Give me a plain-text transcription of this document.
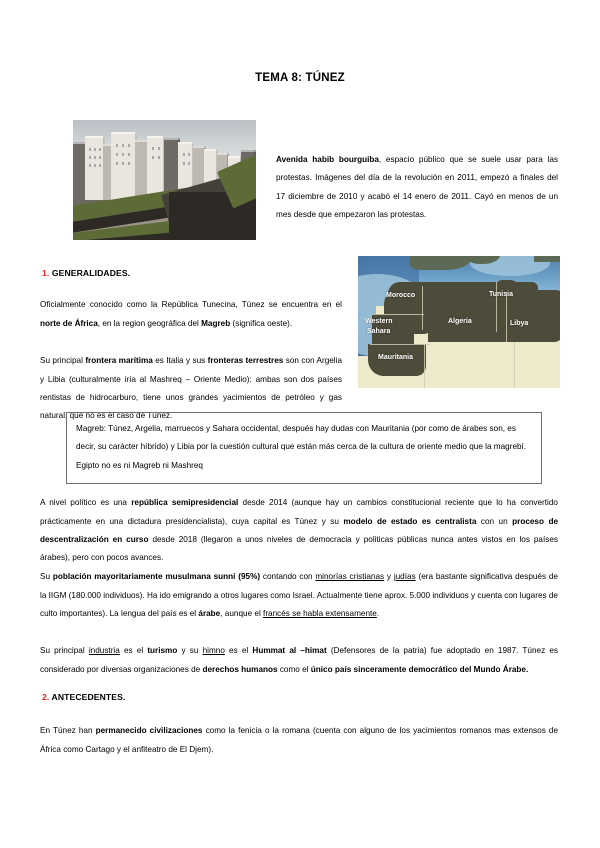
TEMA 8: TÚNEZ

Avenida habib bourguiba, espacio público que se suele usar para las protestas. Imágenes del día de la revolución en 2011, empezó a finales del 17 diciembre de 2010 y acabó el 14 enero de 2011. Cayó en menos de un mes desde que empezaron las protestas.

1. GENERALIDADES.
Morocco
Western
Sahara
Mauritania
Algeria
Tunisia
Libya

Oficialmente conocido como la República Tunecina, Túnez se encuentra en el norte de África, en la region geográfica del Magreb (significa oeste).

Su principal frontera marítima es Italia y sus fronteras terrestres son con Argelia y Libia (culturalmente iría al Mashreq – Oriente Medio): ambas son dos países rentistas de hidrocarburo, tiene unos grandes yacimientos de petróleo y gas natural, que no es el caso de Túnez.

Magreb: Túnez, Argelia, marruecos y Sahara occidental, después hay dudas con Mauritania (por como de árabes son, es decir, su carácter híbrido) y Libia por la cuestión cultural que están más cerca de la cultura de oriente medio que la magrebí. Egipto no es ni Magreb ni Mashreq

A nivel político es una república semipresidencial desde 2014 (aunque hay un cambios constitucional reciente que lo ha convertido prácticamente en una dictadura presidencialista), cuya capital es Túnez y su modelo de estado es centralista con un proceso de descentralización en curso desde 2018 (llegaron a unos niveles de democracia y politicas públicas nunca antes vistos en los países árabes), pero con pocos avances.

Su población mayoritariamente musulmana sunni (95%) contando con minorías cristianas y judías (era bastante significativa después de la IIGM (180.000 individuos). Ha ido emigrando a otros lugares como Israel. Actualmente tiene aprox. 5.000 individuos y cuenta con lugares de culto importantes). La lengua del país es el árabe, aunque el francés se habla extensamente.

Su principal industria es el turismo y su himno es el Hummat al –himat (Defensores de la patria) fue adoptado en 1987. Túnez es considerado por diversas organizaciones de derechos humanos como el único país sinceramente democrático del Mundo Árabe.

2. ANTECEDENTES.

En Túnez han permanecido civilizaciones como la fenicia o la romana (cuenta con alguno de los yacimientos romanos mas extensos de África como Cartago y el anfiteatro de El Djem).
